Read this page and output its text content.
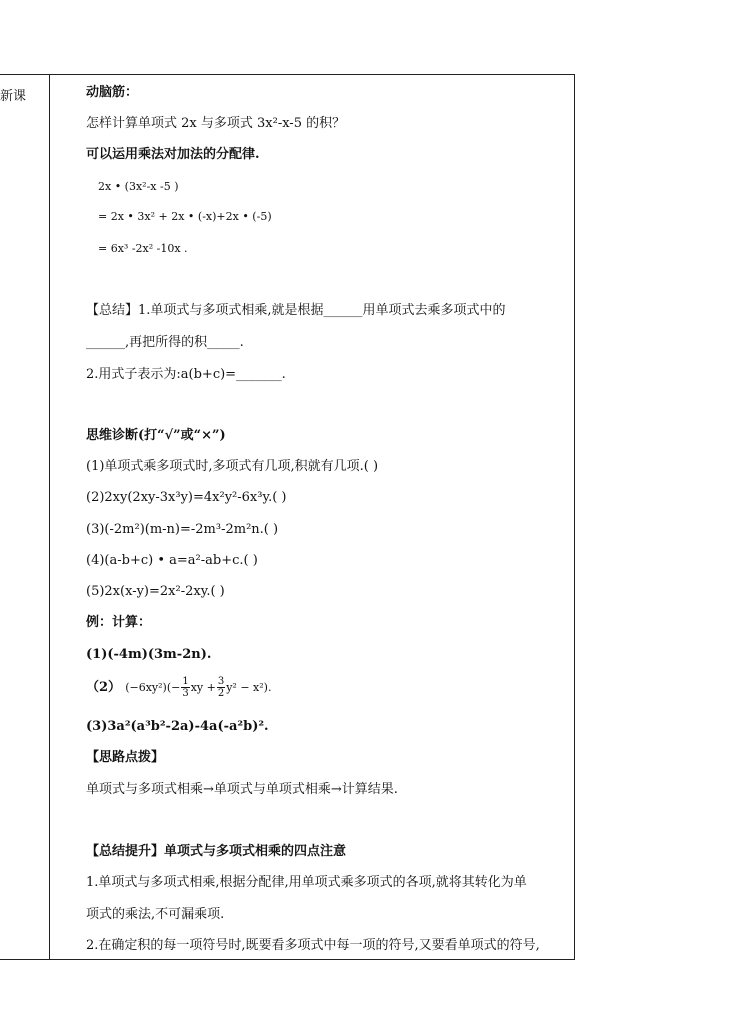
新课	动脑筋：
怎样计算单项式 2x 与多项式 3x²-x-5 的积？
可以运用乘法对加法的分配律.
2x • (3x²-x -5 )
= 2x • 3x² + 2x • (-x)+2x • (-5)
= 6x³ -2x² -10x .
【总结】1.单项式与多项式相乘,就是根据______用单项式去乘多项式中的
______,再把所得的积_____.
2.用式子表示为:a(b+c)=_______.
思维诊断(打“√”或“×”)
(1)单项式乘多项式时,多项式有几项,积就有几项.( )
(2)2xy(2xy-3x³y)=4x²y²-6x³y.( )
(3)(-2m²)(m-n)=-2m³-2m²n.( )
(4)(a-b+c) • a=a²-ab+c.( )
(5)2x(x-y)=2x²-2xy.( )
例：计算：
(1)(-4m)(3m-2n).
（2） $(-6xy^2)(- \frac{1}{3}$ xy + $\frac{3}{2} y^2 - x^2$).
(3)3a²(a³b²-2a)-4a(-a²b)².
【思路点拨】
单项式与多项式相乘→单项式与单项式相乘→计算结果.
【总结提升】单项式与多项式相乘的四点注意
1.单项式与多项式相乘,根据分配律,用单项式乘多项式的各项,就将其转化为单
项式的乘法,不可漏乘项.
2.在确定积的每一项符号时,既要看多项式中每一项的符号,又要看单项式的符号,
